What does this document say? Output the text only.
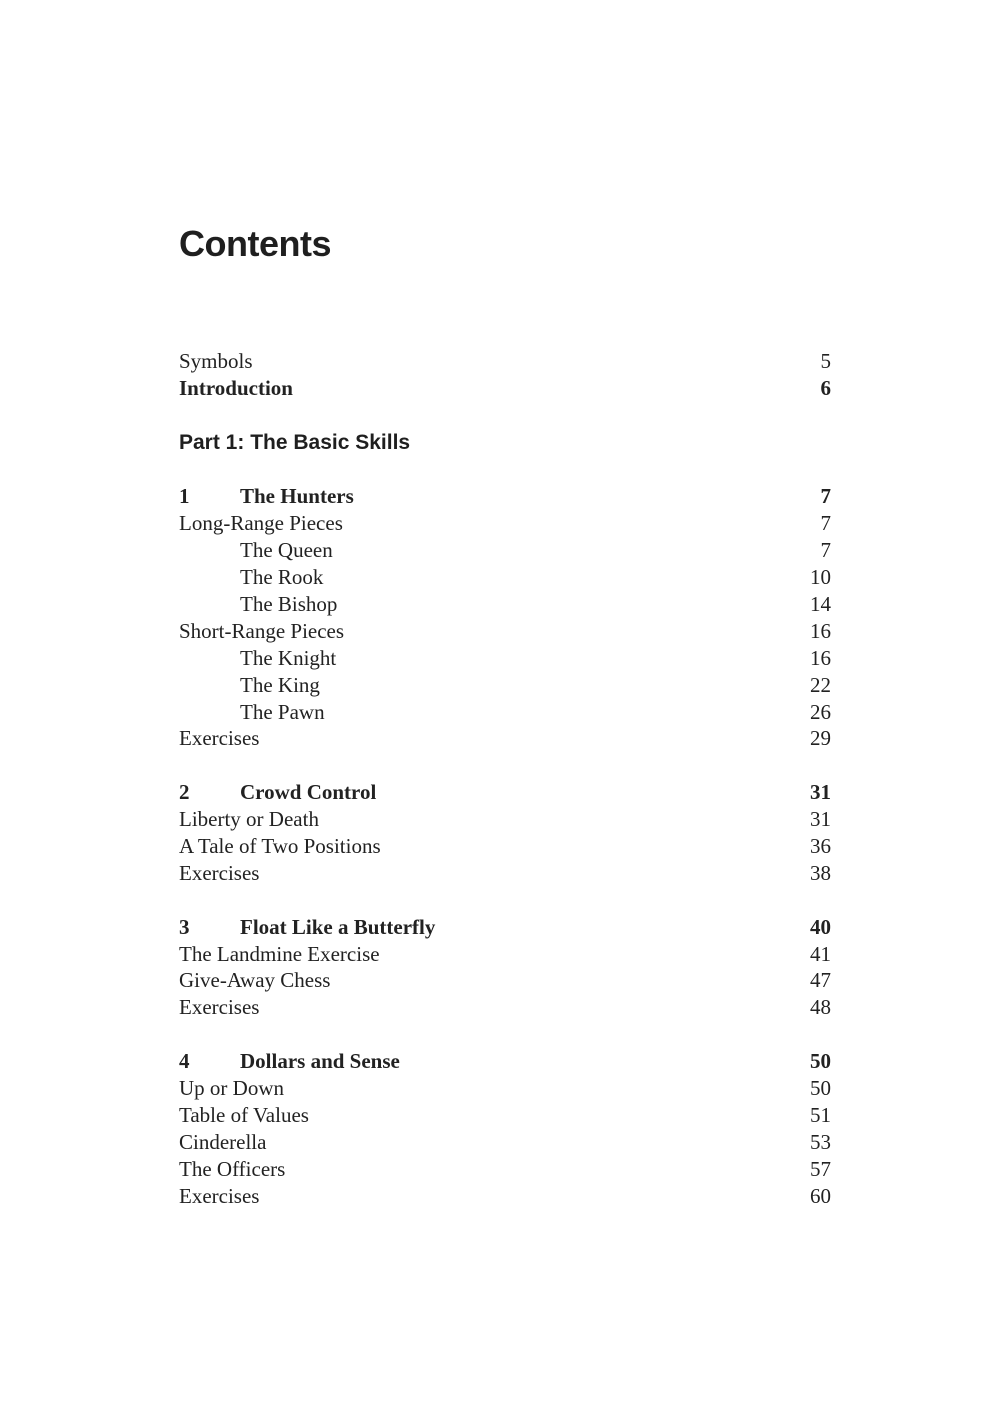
Contents
Symbols	5
Introduction	6
Part 1: The Basic Skills
1	The Hunters	7
Long-Range Pieces	7
The Queen	7
The Rook	10
The Bishop	14
Short-Range Pieces	16
The Knight	16
The King	22
The Pawn	26
Exercises	29
2	Crowd Control	31
Liberty or Death	31
A Tale of Two Positions	36
Exercises	38
3	Float Like a Butterfly	40
The Landmine Exercise	41
Give-Away Chess	47
Exercises	48
4	Dollars and Sense	50
Up or Down	50
Table of Values	51
Cinderella	53
The Officers	57
Exercises	60
